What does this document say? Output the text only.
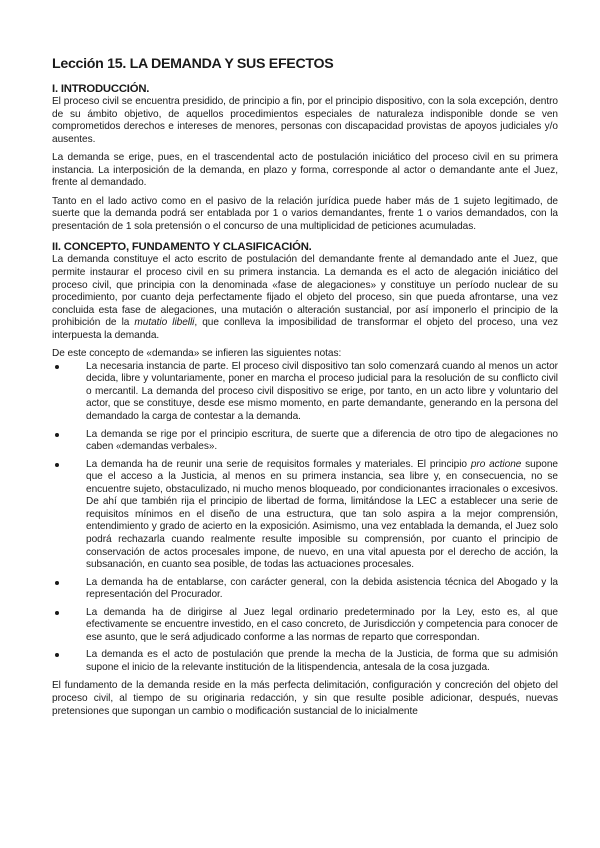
Lección 15. LA DEMANDA Y SUS EFECTOS
I. INTRODUCCIÓN.

El proceso civil se encuentra presidido, de principio a fin, por el principio dispositivo, con la sola excepción, dentro de su ámbito objetivo, de aquellos procedimientos especiales de naturaleza indisponible donde se ven comprometidos derechos e intereses de menores, personas con discapacidad provistas de apoyos judiciales y/o ausentes.

La demanda se erige, pues, en el trascendental acto de postulación iniciático del proceso civil en su primera instancia. La interposición de la demanda, en plazo y forma, corresponde al actor o demandante ante el Juez, frente al demandado.

Tanto en el lado activo como en el pasivo de la relación jurídica puede haber más de 1 sujeto legitimado, de suerte que la demanda podrá ser entablada por 1 o varios demandantes, frente 1 o varios demandados, con la presentación de 1 sola pretensión o el concurso de una multiplicidad de peticiones acumuladas.

II. CONCEPTO, FUNDAMENTO Y CLASIFICACIÓN.

La demanda constituye el acto escrito de postulación del demandante frente al demandado ante el Juez, que permite instaurar el proceso civil en su primera instancia. La demanda es el acto de alegación iniciático del proceso civil, que principia con la denominada «fase de alegaciones» y constituye un período nuclear de su procedimiento, por cuanto deja perfectamente fijado el objeto del proceso, sin que pueda afrontarse, una vez concluida esta fase de alegaciones, una mutación o alteración sustancial, por así imponerlo el principio de la prohibición de la mutatio libelli, que conlleva la imposibilidad de transformar el objeto del proceso, una vez interpuesta la demanda.

De este concepto de «demanda» se infieren las siguientes notas:

La necesaria instancia de parte. El proceso civil dispositivo tan solo comenzará cuando al menos un actor decida, libre y voluntariamente, poner en marcha el proceso judicial para la resolución de su conflicto civil o mercantil. La demanda del proceso civil dispositivo se erige, por tanto, en un acto libre y voluntario del actor, que se constituye, desde ese mismo momento, en parte demandante, generando en la persona del demandado la carga de contestar a la demanda.
La demanda se rige por el principio escritura, de suerte que a diferencia de otro tipo de alegaciones no caben «demandas verbales».
La demanda ha de reunir una serie de requisitos formales y materiales. El principio pro actione supone que el acceso a la Justicia, al menos en su primera instancia, sea libre y, en consecuencia, no se encuentre sujeto, obstaculizado, ni mucho menos bloqueado, por condicionantes irracionales o excesivos. De ahí que también rija el principio de libertad de forma, limitándose la LEC a establecer una serie de requisitos mínimos en el diseño de una estructura, que tan solo aspira a la mejor comprensión, entendimiento y grado de acierto en la exposición. Asimismo, una vez entablada la demanda, el Juez solo podrá rechazarla cuando realmente resulte imposible su comprensión, por cuanto el principio de conservación de actos procesales impone, de nuevo, en una vital apuesta por el derecho de acción, la subsanación, en cuanto sea posible, de todas las actuaciones procesales.
La demanda ha de entablarse, con carácter general, con la debida asistencia técnica del Abogado y la representación del Procurador.
La demanda ha de dirigirse al Juez legal ordinario predeterminado por la Ley, esto es, al que efectivamente se encuentre investido, en el caso concreto, de Jurisdicción y competencia para conocer de ese asunto, que le será adjudicado conforme a las normas de reparto que correspondan.
La demanda es el acto de postulación que prende la mecha de la Justicia, de forma que su admisión supone el inicio de la relevante institución de la litispendencia, antesala de la cosa juzgada.

El fundamento de la demanda reside en la más perfecta delimitación, configuración y concreción del objeto del proceso civil, al tiempo de su originaria redacción, y sin que resulte posible adicionar, después, nuevas pretensiones que supongan un cambio o modificación sustancial de lo inicialmente
